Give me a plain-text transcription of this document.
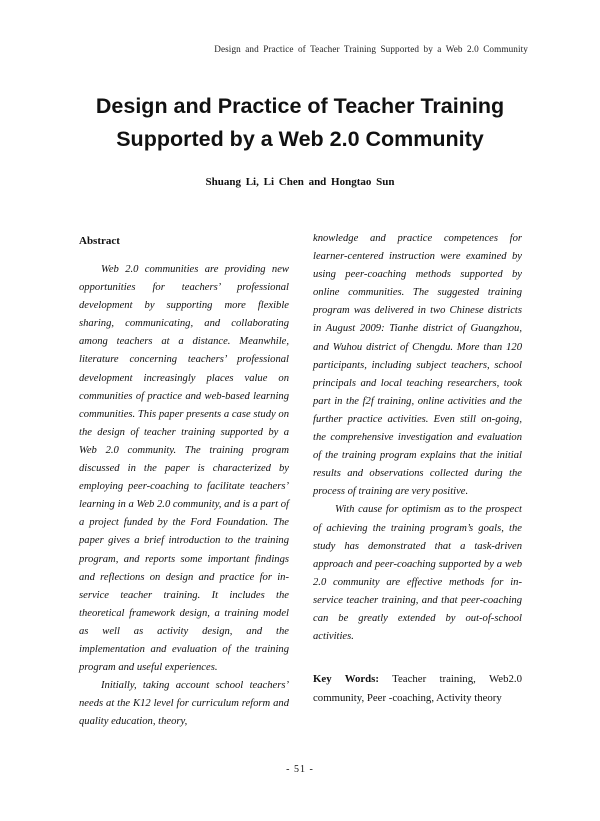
Design and Practice of Teacher Training Supported by a Web 2.0 Community
Design and Practice of Teacher Training
Supported by a Web 2.0 Community
Shuang Li, Li Chen and Hongtao Sun
Abstract

Web 2.0 communities are providing new opportunities for teachers’ professional development by supporting more flexible sharing, communicating, and collaborating among teachers at a distance. Meanwhile, literature concerning teachers’ professional development increasingly places value on communities of practice and web-based learning communities. This paper presents a case study on the design of teacher training supported by a Web 2.0 community. The training program discussed in the paper is characterized by employing peer-coaching to facilitate teachers’ learning in a Web 2.0 community, and is a part of a project funded by the Ford Foundation. The paper gives a brief introduction to the training program, and reports some important findings and reflections on design and practice for in-service teacher training. It includes the theoretical framework design, a training model as well as activity design, and the implementation and evaluation of the training program and useful experiences.

Initially, taking account school teachers’ needs at the K12 level for curriculum reform and quality education, theory,

knowledge and practice competences for learner-centered instruction were examined by using peer-coaching methods supported by online communities. The suggested training program was delivered in two Chinese districts in August 2009: Tianhe district of Guangzhou, and Wuhou district of Chengdu. More than 120 participants, including subject teachers, school principals and local teaching researchers, took part in the f2f training, online activities and the further practice activities. Even still on-going, the comprehensive investigation and evaluation of the training program explains that the initial results and observations collected during the process of training are very positive.

With cause for optimism as to the prospect of achieving the training program’s goals, the study has demonstrated that a task-driven approach and peer-coaching supported by a web 2.0 community are effective methods for in-service teacher training, and that peer-coaching can be greatly extended by out-of-school activities.

Key Words: Teacher training, Web2.0 community, Peer -coaching, Activity theory

- 51 -
